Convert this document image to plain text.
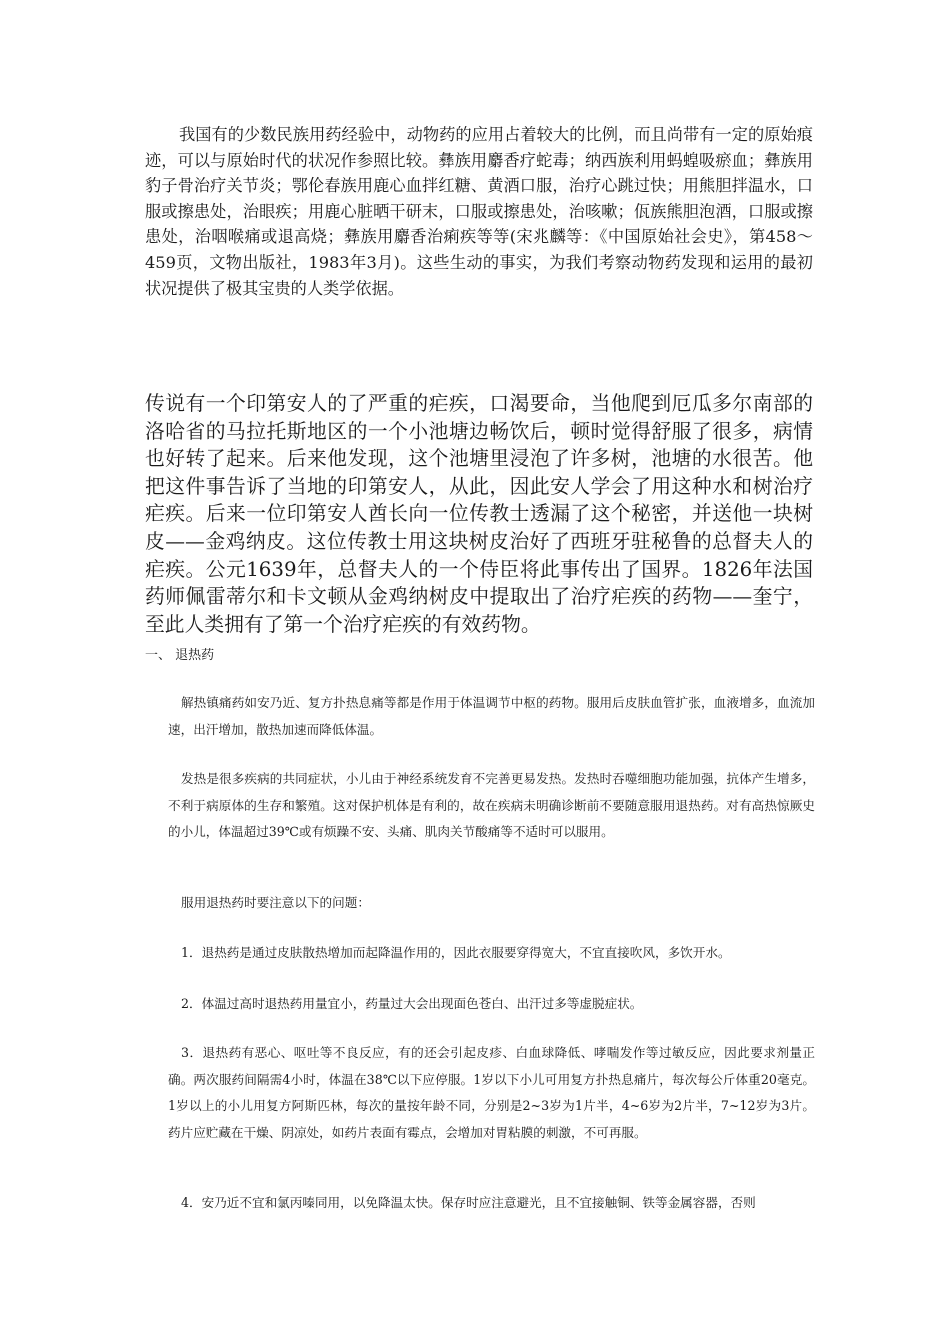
我国有的少数民族用药经验中，动物药的应用占着较大的比例，而且尚带有一定的原始痕迹，可以与原始时代的状况作参照比较。彝族用麝香疗蛇毒；纳西族利用蚂蝗吸瘀血；彝族用豹子骨治疗关节炎；鄂伦春族用鹿心血拌红糖、黄酒口服，治疗心跳过快；用熊胆拌温水，口服或擦患处，治眼疾；用鹿心脏晒干研末，口服或擦患处，治咳嗽；佤族熊胆泡酒，口服或擦患处，治咽喉痛或退高烧；彝族用麝香治痢疾等等(宋兆麟等：《中国原始社会史》，第458～459页，文物出版社，1983年3月)。这些生动的事实，为我们考察动物药发现和运用的最初状况提供了极其宝贵的人类学依据。

传说有一个印第安人的了严重的疟疾，口渴要命，当他爬到厄瓜多尔南部的洛哈省的马拉托斯地区的一个小池塘边畅饮后，顿时觉得舒服了很多，病情也好转了起来。后来他发现，这个池塘里浸泡了许多树，池塘的水很苦。他把这件事告诉了当地的印第安人，从此，因此安人学会了用这种水和树治疗疟疾。后来一位印第安人酋长向一位传教士透漏了这个秘密，并送他一块树皮——金鸡纳皮。这位传教士用这块树皮治好了西班牙驻秘鲁的总督夫人的疟疾。公元1639年，总督夫人的一个侍臣将此事传出了国界。1826年法国药师佩雷蒂尔和卡文顿从金鸡纳树皮中提取出了治疗疟疾的药物——奎宁，至此人类拥有了第一个治疗疟疾的有效药物。

一、 退热药

解热镇痛药如安乃近、复方扑热息痛等都是作用于体温调节中枢的药物。服用后皮肤血管扩张，血液增多，血流加速，出汗增加，散热加速而降低体温。

发热是很多疾病的共同症状，小儿由于神经系统发育不完善更易发热。发热时吞噬细胞功能加强，抗体产生增多，不利于病原体的生存和繁殖。这对保护机体是有利的，故在疾病未明确诊断前不要随意服用退热药。对有高热惊厥史的小儿，体温超过39℃或有烦躁不安、头痛、肌肉关节酸痛等不适时可以服用。

服用退热药时要注意以下的问题：

1．退热药是通过皮肤散热增加而起降温作用的，因此衣服要穿得宽大，不宜直接吹风，多饮开水。

2．体温过高时退热药用量宜小，药量过大会出现面色苍白、出汗过多等虚脱症状。

3．退热药有恶心、呕吐等不良反应，有的还会引起皮疹、白血球降低、哮喘发作等过敏反应，因此要求剂量正确。两次服药间隔需4小时，体温在38℃以下应停服。1岁以下小儿可用复方扑热息痛片，每次每公斤体重20毫克。1岁以上的小儿用复方阿斯匹林，每次的量按年龄不同，分别是2~3岁为1片半，4~6岁为2片半，7~12岁为3片。药片应贮藏在干燥、阴凉处，如药片表面有霉点，会增加对胃粘膜的刺激，不可再服。

4．安乃近不宜和氯丙嗪同用，以免降温太快。保存时应注意避光，且不宜接触铜、铁等金属容器，否则
